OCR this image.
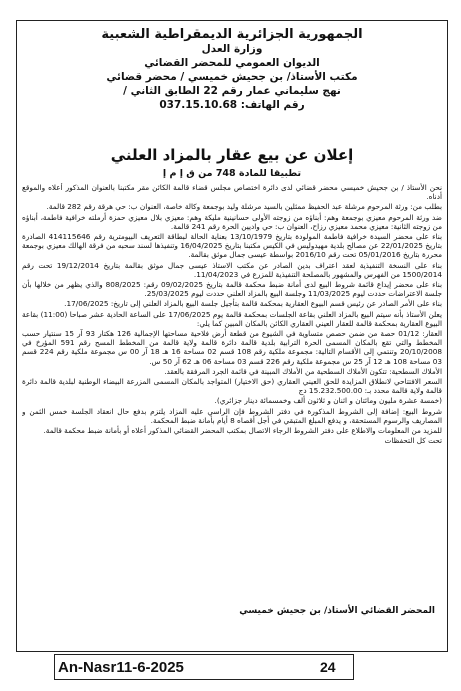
الجمهورية الجزائرية الديمقراطية الشعبية
وزارة العدل
الديوان العمومي للمحضر القضائي
مكتب الأستاذ/ بن جحيش خميسي / محضر قضائي
نهج سليماني عمار رقم 22 الطابق الثاني /
رقم الهاتف: 037.15.10.68
إعلان عن بيع عقار بالمزاد العلني
تطبيقا للمادة 748 من ق إ م إ

نحن الأستاذ / بن جحيش خميسي محضر قضائي لدى دائرة اختصاص مجلس قضاء قالمة الكائن مقر مكتبنا بالعنوان المذكور أعلاه والموقع أدناه.

بطلب من: ورثة المرحوم مرشلة عبد الحفيظ ممثلين بالسيد مرشلة وليد بوجمعة وكالة خاصة، العنوان ب: حي هرقة رقم 282 قالمة.

ضد ورثة المرحوم معيزي بوجمعة وهم: أبناؤه من زوجته الأولى حسانينية مليكة وهم: معيزي بلال معيزي حمزة أرملته خرافية فاطمة، أبناؤه من زوجته الثانية: معيزي محمد معيزي رزاح، العنوان ب: حي واديين الحرة رقم 241 قالمة.

بناء على محضر السيدة خرافية فاطمة المولودة بتاريخ 13/10/1979 بعناية الحالة لبطاقة التعريف البيومترية رقم 414115646 الصادرة بتاريخ 22/01/2025 عن مصالح بلدية مهيدوليس في الكيس مكتبنا بتاريخ 16/04/2025 وتنفيذها لسند سحبه من فرقة الهالك معيزي بوجمعة محررة بتاريخ 05/01/2016 تحت رقم 2016/10 بواسطة عيسى جمال موثق بقالمة.

بناء على النسخة التنفيذية لعقد اعتراف بدين الصادر عن مكتب الاستاذ عيسى جمال موثق بقالمة بتاريخ 19/12/2014 تحت رقم 1500/2014 من الفهرس والمشهور بالمصلحة التنفيذية للمزرع في 11/04/2023.

بناء على محضر إيداع قائمة شروط البيع لدى أمانة ضبط محكمة قالمة بتاريخ 09/02/2025 رقم: 808/2025 والذي يظهر من خلالها بأن جلسة الاعتراضات حددت ليوم 11/03/2025 وجلسة البيع بالمزاد العلني حددت ليوم 25/03/2025.

بناء على الأمر الصادر عن رئيس قسم البيوع العقارية بمحكمة قالمة بتأجيل جلسة البيع بالمزاد العلني إلى تاريخ: 17/06/2025.

يعلن الأستاذ بأنه سيتم البيع بالمزاد العلني بقاعة الجلسات بمحكمة قالمة يوم 17/06/2025 على الساعة الحادية عشر صباحا (11:00) بقاعة البيوع العقارية بمحكمة قالمة للعقار العيني العقاري الكائن بالمكان المبين كما يلي:

العقار: 01/12 حصة من ضمن حصص متساوية في الشيوع من قطعة أرض فلاحية مساحتها الإجمالية 126 هكتار 93 آر 15 سنتيار حسب المخطط والتي تقع بالمكان المسمى الحرة الترابية بلدية قالمة دائرة قالمة ولاية قالمة من المخطط المسح رقم 591 المؤرخ في 20/10/2008 وتنتمي إلى الأقسام التالية: مجموعة ملكية رقم 108 قسم 02 مساحة 16 هـ 18 آر 00 س مجموعة ملكية رقم 224 قسم 03 مساحة 108 هـ 12 آر 25 س مجموعة ملكية رقم 226 قسم 03 مساحة 06 هـ 62 آر 50 س.

الأملاك السطحية: تتكون الأملاك السطحية من الأملاك المبينة في قائمة الجرد المرفقة بالعقد.

السعر الافتتاحي لانطلاق المزايدة للحق العيني العقاري (حق الاختيار) المتواجد بالمكان المسمى المزرعة البيضاء الوطنية لبلدية قالمة دائرة قالمة ولاية قالمة محدد بـ: 15.232.500.00 دج

(خمسة عشرة مليون ومائتان و اثنان و ثلاثون ألف وخمسمائة دينار جزائري).

شروط البيع: إضافة إلى الشروط المذكورة في دفتر الشروط فإن الراسي عليه المزاد يلتزم بدفع حال انعقاد الجلسة خمس الثمن و المصاريف والرسوم المستحقة، و يدفع المبلغ المتبقي في أجل أقصاه 8 أيام بأمانة ضبط المحكمة.

للمزيد من المعلومات والاطلاع على دفتر الشروط الرجاء الاتصال بمكتب المحضر القضائي المذكور أعلاه أو بأمانة ضبط محكمة قالمة.

تحت كل التحفظات

المحضر القضائي الأستاذ/ بن جحيش خميسي
An-Nasr11-6-2025	24
